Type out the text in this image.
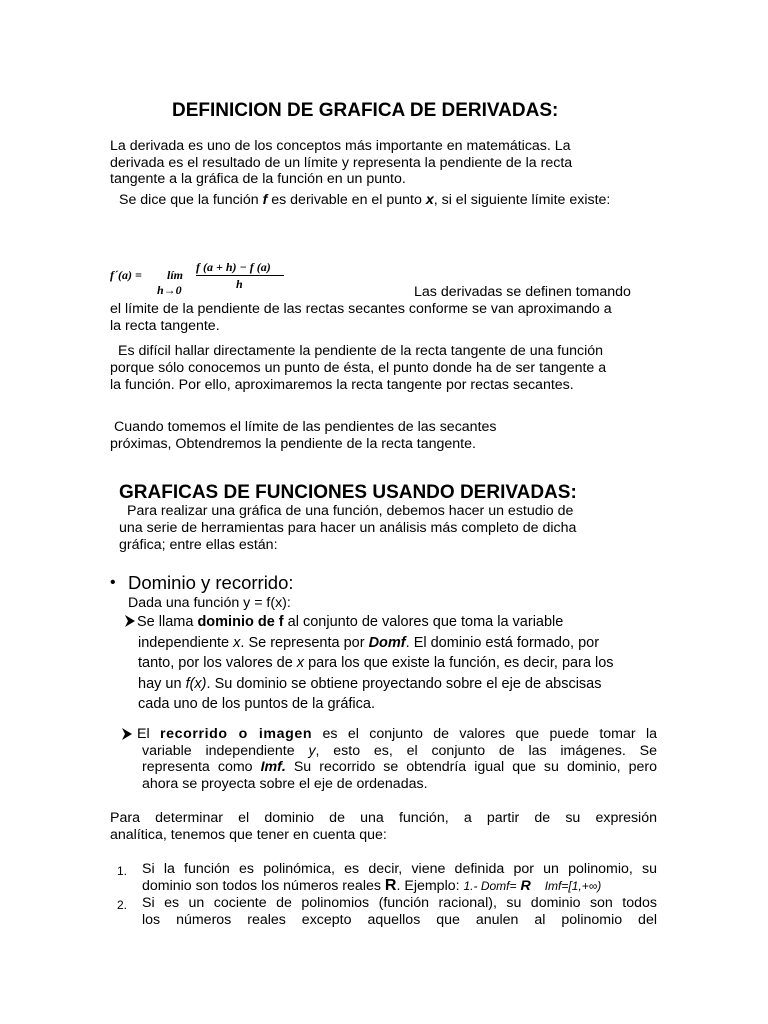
DEFINICION DE GRAFICA DE DERIVADAS:
La derivada es uno de los conceptos más importante en matemáticas. La
derivada es el resultado de un límite y representa la pendiente de la recta
tangente a la gráfica de la función en un punto.
Se dice que la función f es derivable en el punto x, si el siguiente límite existe:
f´(a) = lím
h→0
f (a + h) − f (a)
h	Las derivadas se definen tomando
el límite de la pendiente de las rectas secantes conforme se van aproximando a
la recta tangente.
Es difícil hallar directamente la pendiente de la recta tangente de una función
porque sólo conocemos un punto de ésta, el punto donde ha de ser tangente a
la función. Por ello, aproximaremos la recta tangente por rectas secantes.
Cuando tomemos el límite de las pendientes de las secantes
próximas, Obtendremos la pendiente de la recta tangente.
GRAFICAS DE FUNCIONES USANDO DERIVADAS:
Para realizar una gráfica de una función, debemos hacer un estudio de
una serie de herramientas para hacer un análisis más completo de dicha
gráfica; entre ellas están:
• Dominio y recorrido:
Dada una función y = f(x):
Se llama dominio de f al conjunto de valores que toma la variable
independiente x. Se representa por Domf. El dominio está formado, por
tanto, por los valores de x para los que existe la función, es decir, para los
hay un f(x). Su dominio se obtiene proyectando sobre el eje de abscisas
cada uno de los puntos de la gráfica.
El recorrido o imagen es el conjunto de valores que puede tomar la
variable independiente y, esto es, el conjunto de las imágenes. Se
representa como Imf. Su recorrido se obtendría igual que su dominio, pero
ahora se proyecta sobre el eje de ordenadas.
Para determinar el dominio de una función, a partir de su expresión
analítica, tenemos que tener en cuenta que:
1. Si la función es polinómica, es decir, viene definida por un polinomio, su
dominio son todos los números reales R. Ejemplo: 1.- Domf= R Imf=[1,+∞)
2. Si es un cociente de polinomios (función racional), su dominio son todos
los números reales excepto aquellos que anulen al polinomio del
